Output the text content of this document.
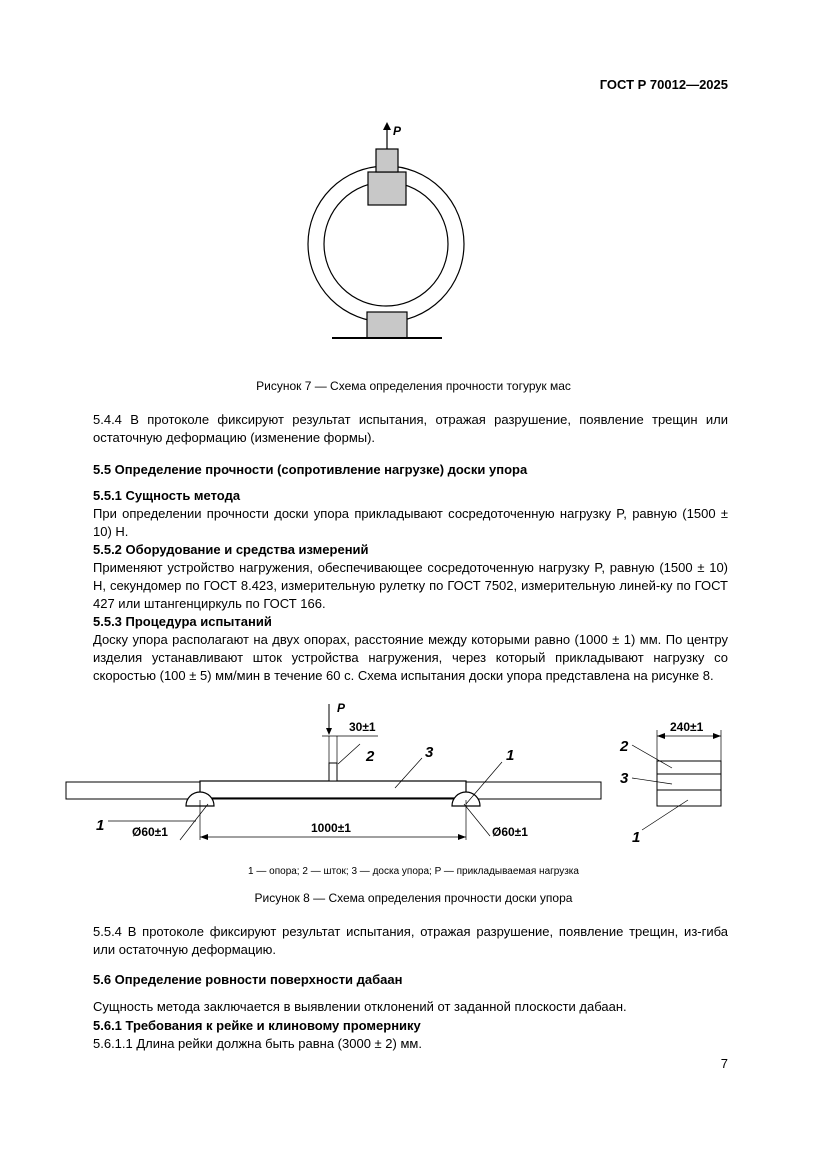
ГОСТ Р 70012—2025
P
Рисунок 7 — Схема определения прочности тогурук мас
5.4.4 В протоколе фиксируют результат испытания, отражая разрушение, появление трещин или остаточную деформацию (изменение формы).
5.5 Определение прочности (сопротивление нагрузке) доски упора
5.5.1 Сущность метода
При определении прочности доски упора прикладывают сосредоточенную нагрузку P, равную (1500 ± 10) Н.
5.5.2 Оборудование и средства измерений
Применяют устройство нагружения, обеспечивающее сосредоточенную нагрузку P, равную (1500 ± 10) Н, секундомер по ГОСТ 8.423, измерительную рулетку по ГОСТ 7502, измерительную линей-ку по ГОСТ 427 или штангенциркуль по ГОСТ 166.
5.5.3 Процедура испытаний
Доску упора располагают на двух опорах, расстояние между которыми равно (1000 ± 1) мм. По центру изделия устанавливают шток устройства нагружения, через который прикладывают нагрузку со скоростью (100 ± 5) мм/мин в течение 60 с. Схема испытания доски упора представлена на рисунке 8.
P
30±1
2	3	1
1 Ø60±1	Ø60±1
1000±1
240±1
2
3
1
1 — опора; 2 — шток; 3 — доска упора; P — прикладываемая нагрузка
Рисунок 8 — Схема определения прочности доски упора
5.5.4 В протоколе фиксируют результат испытания, отражая разрушение, появление трещин, из-гиба или остаточную деформацию.
5.6 Определение ровности поверхности дабаан
Сущность метода заключается в выявлении отклонений от заданной плоскости дабаан.
5.6.1 Требования к рейке и клиновому промернику
5.6.1.1 Длина рейки должна быть равна (3000 ± 2) мм.
7
